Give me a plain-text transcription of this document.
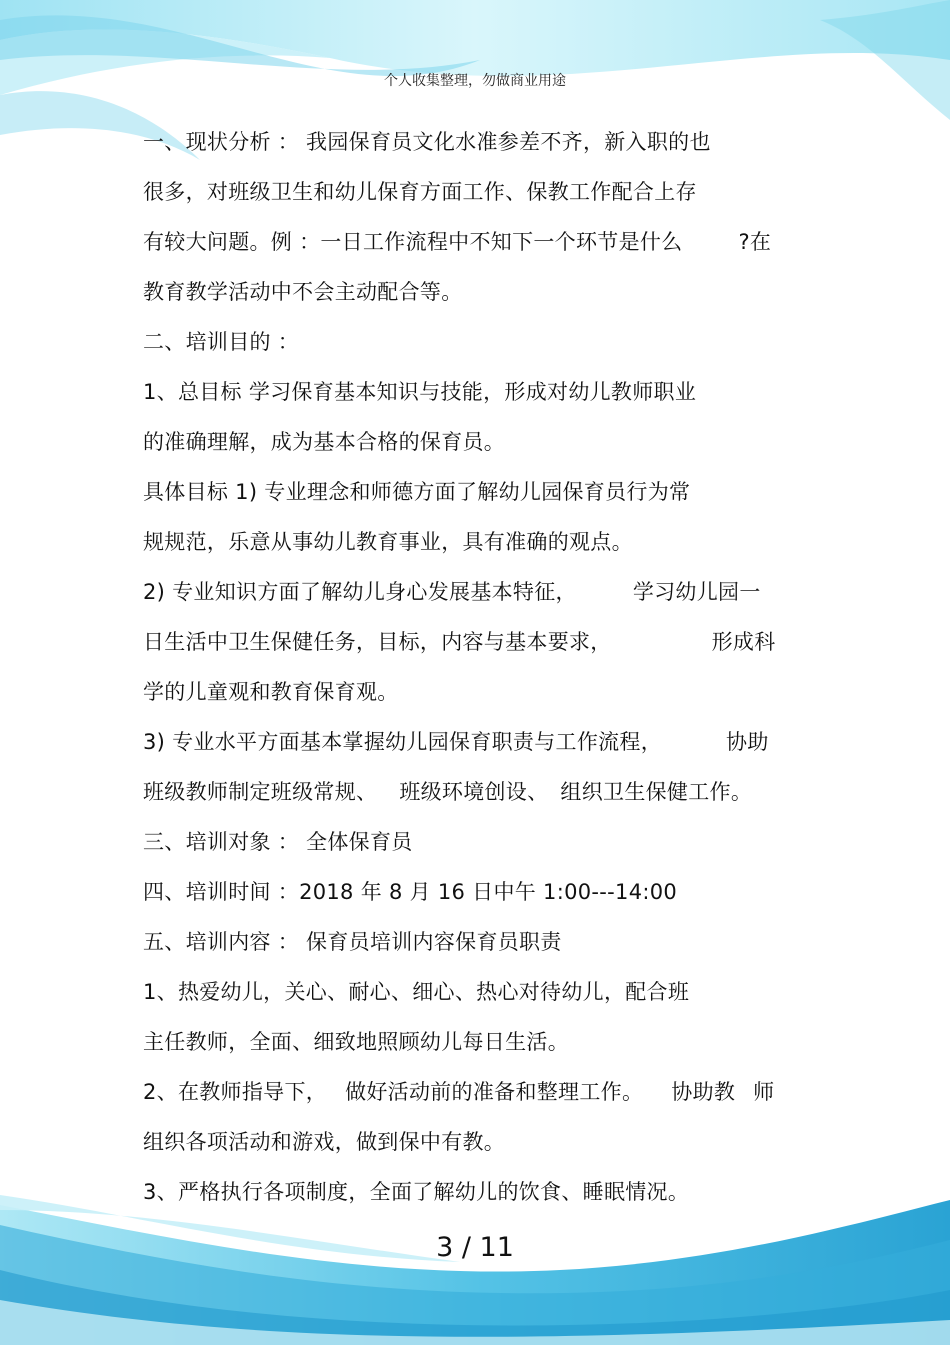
个人收集整理，勿做商业用途
一、现状分析 ： 我园保育员文化水准参差不齐，新入职的也
很多，对班级卫生和幼儿保育方面工作、保教工作配合上存
有较大问题。例 ：一日工作流程中不知下一个环节是什么	?在
教育教学活动中不会主动配合等。
二、培训目的 ：
1、总目标 学习保育基本知识与技能，形成对幼儿教师职业
的准确理解，成为基本合格的保育员。
具体目标 1) 专业理念和师德方面了解幼儿园保育员行为常
规规范，乐意从事幼儿教育事业，具有准确的观点。
2) 专业知识方面了解幼儿身心发展基本特征，	学习幼儿园一
日生活中卫生保健任务，目标，内容与基本要求，	形成科
学的儿童观和教育保育观。
3) 专业水平方面基本掌握幼儿园保育职责与工作流程，	协助
班级教师制定班级常规、 班级环境创设、 组织卫生保健工作。
三、培训对象 ： 全体保育员
四、培训时间 ：2018 年 8 月 16 日中午 1:00---14:00
五、培训内容 ： 保育员培训内容保育员职责
1、热爱幼儿，关心、耐心、细心、热心对待幼儿，配合班
主任教师，全面、细致地照顾幼儿每日生活。
2、在教师指导下， 做好活动前的准备和整理工作。 协助教 师
组织各项活动和游戏，做到保中有教。
3、严格执行各项制度，全面了解幼儿的饮食、睡眠情况。
3 / 11
